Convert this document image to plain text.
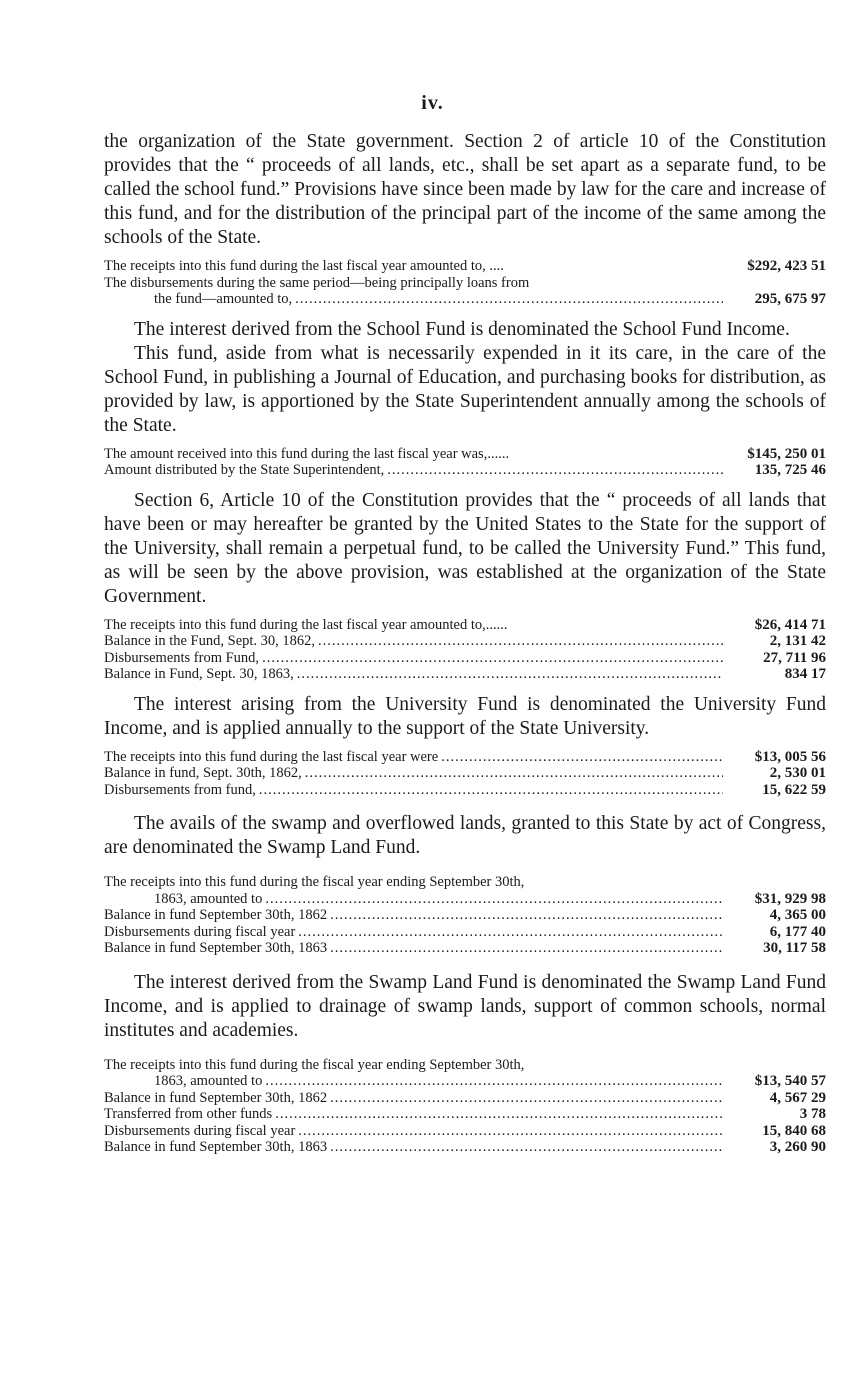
iv.

the organization of the State government. Section 2 of article 10 of the Constitution provides that the “ proceeds of all lands, etc., shall be set apart as a separate fund, to be called the school fund.” Provisions have since been made by law for the care and increase of this fund, and for the distribution of the principal part of the income of the same among the schools of the State.

The receipts into this fund during the last fiscal year amounted to, ....	$292, 423 51
The disbursements during the same period—being principally loans from
the fund—amounted to, .....	295, 675 97

The interest derived from the School Fund is denominated the School Fund Income.

This fund, aside from what is necessarily expended in it its care, in the care of the School Fund, in publishing a Journal of Education, and purchasing books for distribution, as provided by law, is apportioned by the State Superintendent annually among the schools of the State.

The amount received into this fund during the last fiscal year was,......	$145, 250 01
Amount distributed by the State Superintendent, .....	135, 725 46

Section 6, Article 10 of the Constitution provides that the “ proceeds of all lands that have been or may hereafter be granted by the United States to the State for the support of the University, shall remain a perpetual fund, to be called the University Fund.” This fund, as will be seen by the above provision, was established at the organization of the State Government.

The receipts into this fund during the last fiscal year amounted to,......	$26, 414 71
Balance in the Fund, Sept. 30, 1862, .....	2, 131 42
Disbursements from Fund, .....	27, 711 96
Balance in Fund, Sept. 30, 1863, .....	834 17

The interest arising from the University Fund is denominated the University Fund Income, and is applied annually to the support of the State University.

The receipts into this fund during the last fiscal year were .....	$13, 005 56
Balance in fund, Sept. 30th, 1862, .....	2, 530 01
Disbursements from fund, .....	15, 622 59

The avails of the swamp and overflowed lands, granted to this State by act of Congress, are denominated the Swamp Land Fund.

The receipts into this fund during the fiscal year ending September 30th,
1863, amounted to .....	$31, 929 98
Balance in fund September 30th, 1862 .....	4, 365 00
Disbursements during fiscal year .....	6, 177 40
Balance in fund September 30th, 1863 .....	30, 117 58

The interest derived from the Swamp Land Fund is denominated the Swamp Land Fund Income, and is applied to drainage of swamp lands, support of common schools, normal institutes and academies.

The receipts into this fund during the fiscal year ending September 30th,
1863, amounted to .....	$13, 540 57
Balance in fund September 30th, 1862 .....	4, 567 29
Transferred from other funds .....	3 78
Disbursements during fiscal year .....	15, 840 68
Balance in fund September 30th, 1863 .....	3, 260 90
